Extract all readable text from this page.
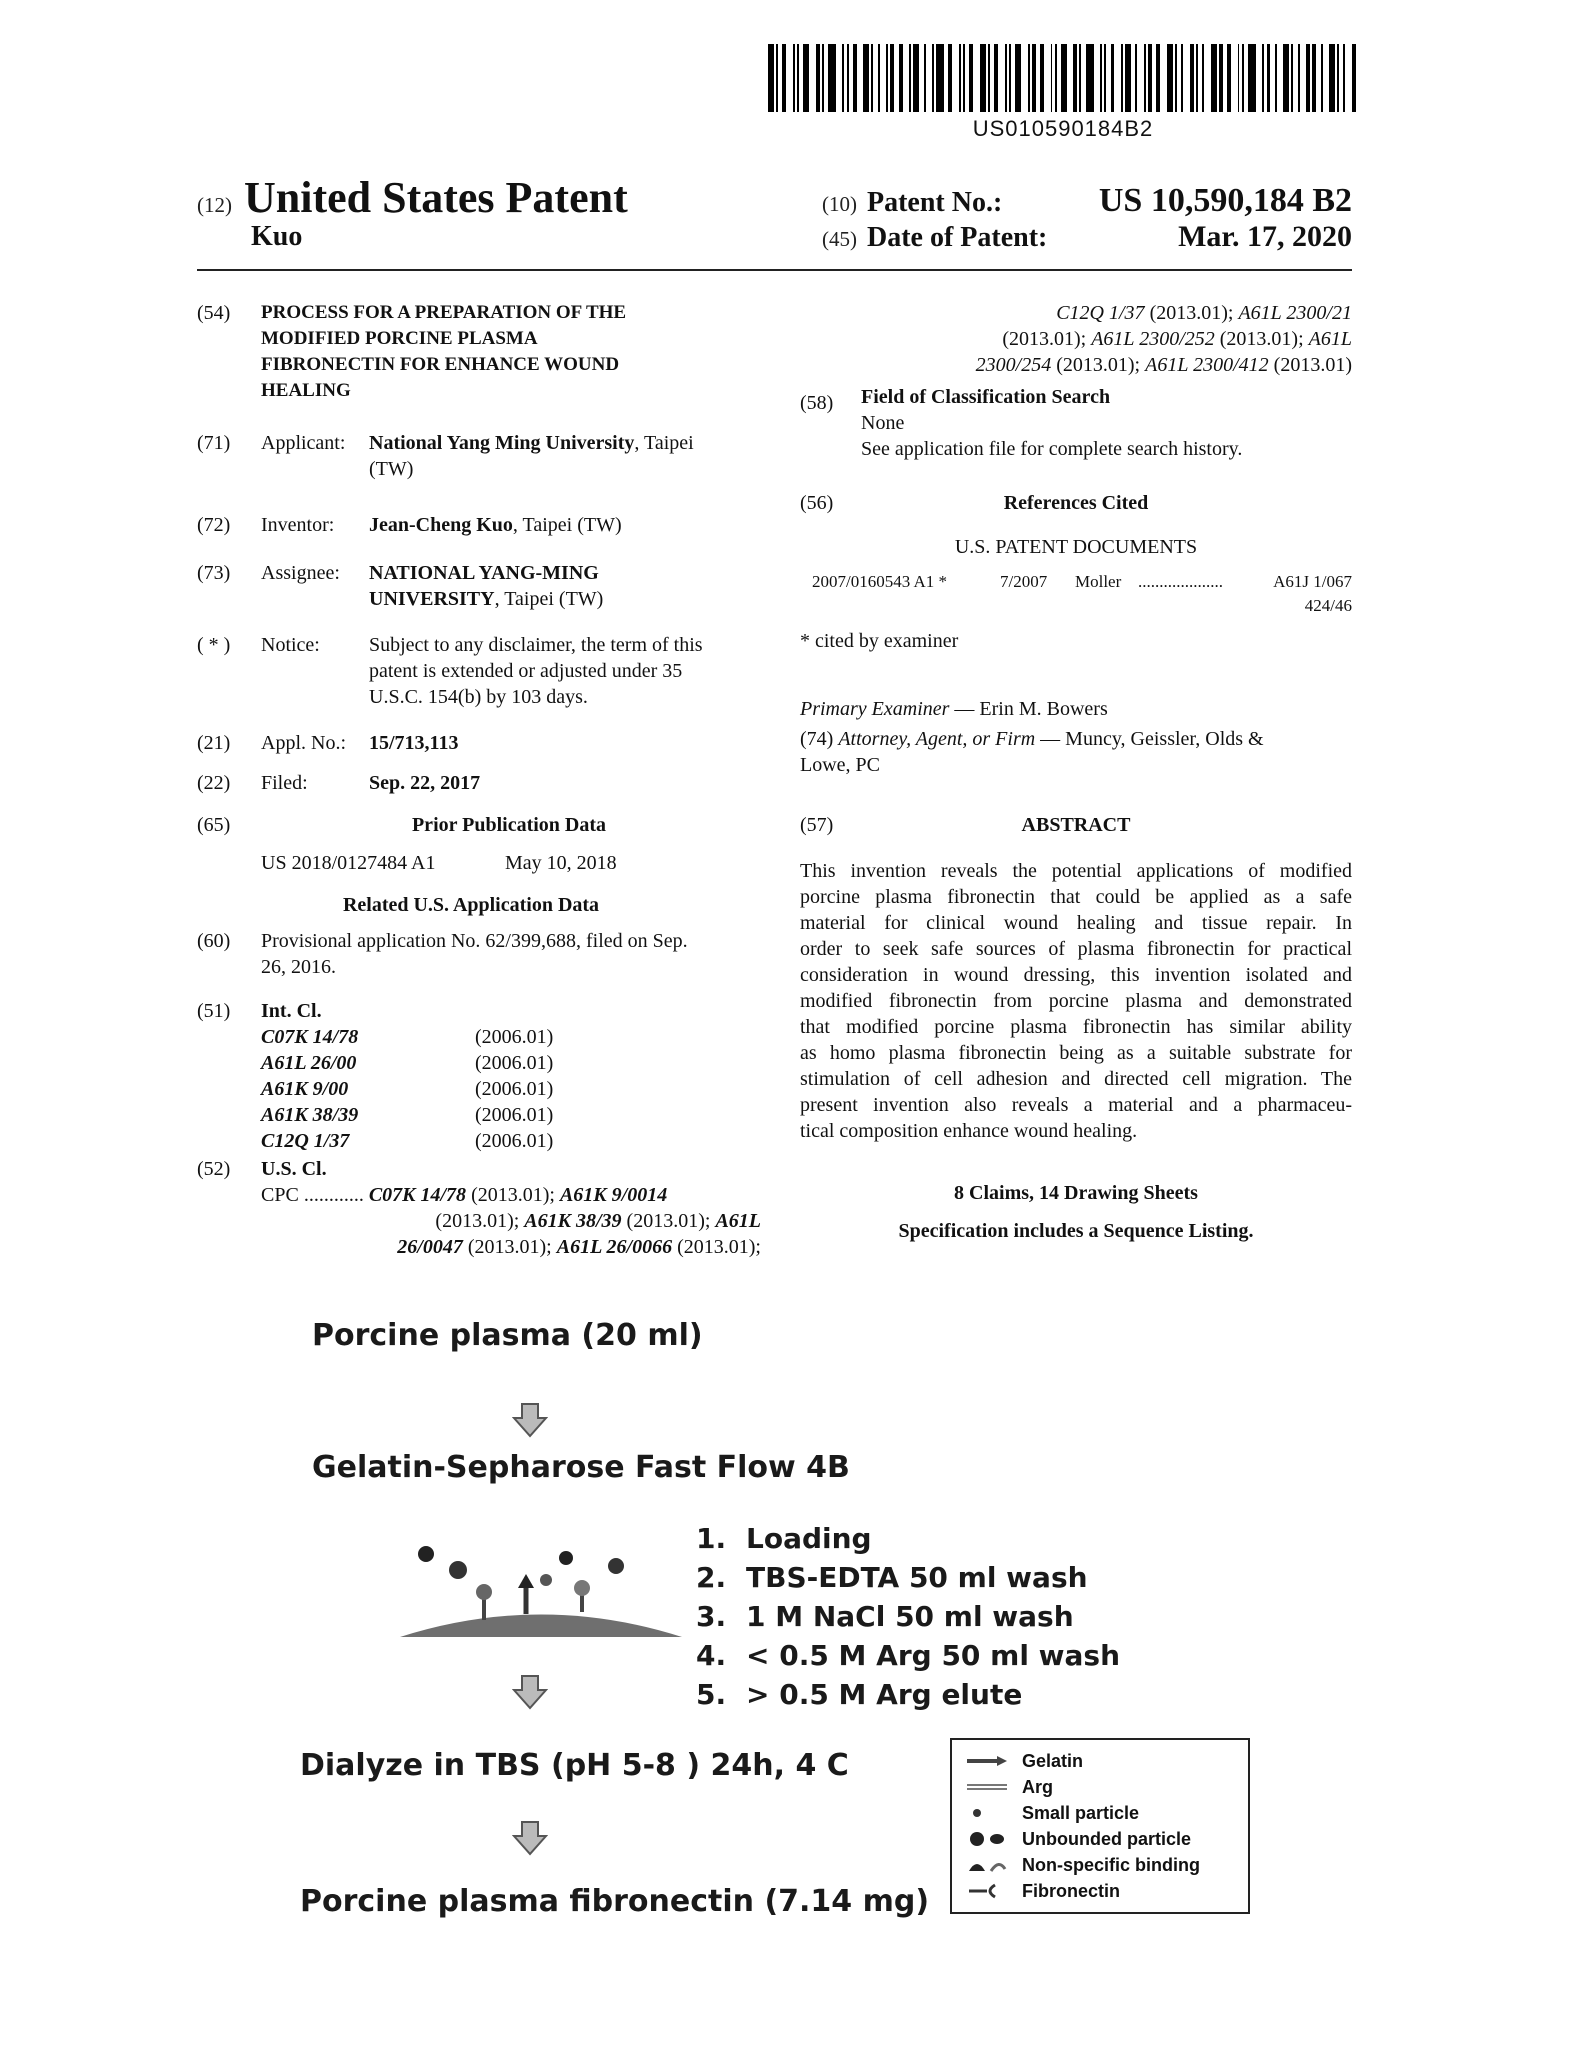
US010590184B2
(12) United States Patent
Kuo
(10) Patent No.:	US 10,590,184 B2
(45) Date of Patent:	Mar. 17, 2020
(54) PROCESS FOR A PREPARATION OF THE
MODIFIED PORCINE PLASMA
FIBRONECTIN FOR ENHANCE WOUND
HEALING
(71) Applicant: National Yang Ming University, Taipei
(TW)
(72) Inventor: Jean-Cheng Kuo, Taipei (TW)
(73) Assignee: NATIONAL YANG-MING
UNIVERSITY, Taipei (TW)
( * ) Notice: Subject to any disclaimer, the term of this
patent is extended or adjusted under 35
U.S.C. 154(b) by 103 days.
(21) Appl. No.: 15/713,113
(22) Filed:	Sep. 22, 2017
(65)	Prior Publication Data
US 2018/0127484 A1	May 10, 2018
Related U.S. Application Data
(60) Provisional application No. 62/399,688, filed on Sep.
26, 2016.
(51) Int. Cl.
C07K 14/78	(2006.01)
A61L 26/00	(2006.01)
A61K 9/00	(2006.01)
A61K 38/39	(2006.01)
C12Q 1/37	(2006.01)
(52) U.S. Cl.
CPC ............ C07K 14/78 (2013.01); A61K 9/0014
(2013.01); A61K 38/39 (2013.01); A61L
26/0047 (2013.01); A61L 26/0066 (2013.01);
C12Q 1/37 (2013.01); A61L 2300/21
(2013.01); A61L 2300/252 (2013.01); A61L
2300/254 (2013.01); A61L 2300/412 (2013.01)
(58) Field of Classification Search
None
See application file for complete search history.
(56)	References Cited
U.S. PATENT DOCUMENTS
2007/0160543 A1 *	7/2007 Moller ....................	A61J 1/067
424/46
* cited by examiner
Primary Examiner — Erin M. Bowers
(74) Attorney, Agent, or Firm — Muncy, Geissler, Olds &
Lowe, PC
(57)	ABSTRACT
This invention reveals the potential applications of modified
porcine plasma fibronectin that could be applied as a safe
material for clinical wound healing and tissue repair. In
order to seek safe sources of plasma fibronectin for practical
consideration in wound dressing, this invention isolated and
modified fibronectin from porcine plasma and demonstrated
that modified porcine plasma fibronectin has similar ability
as homo plasma fibronectin being as a suitable substrate for
stimulation of cell adhesion and directed cell migration. The
present invention also reveals a material and a pharmaceu-
tical composition enhance wound healing.
8 Claims, 14 Drawing Sheets
Specification includes a Sequence Listing.
Porcine plasma (20 ml)
Gelatin-Sepharose Fast Flow 4B
1. Loading
2. TBS-EDTA 50 ml wash
3. 1 M NaCl 50 ml wash
4. < 0.5 M Arg 50 ml wash
5. > 0.5 M Arg elute
Dialyze in TBS (pH 5-8 ) 24h, 4 C
Porcine plasma fibronectin (7.14 mg)
Gelatin
Arg
Small particle
Unbounded particle
Non-specific binding
Fibronectin
